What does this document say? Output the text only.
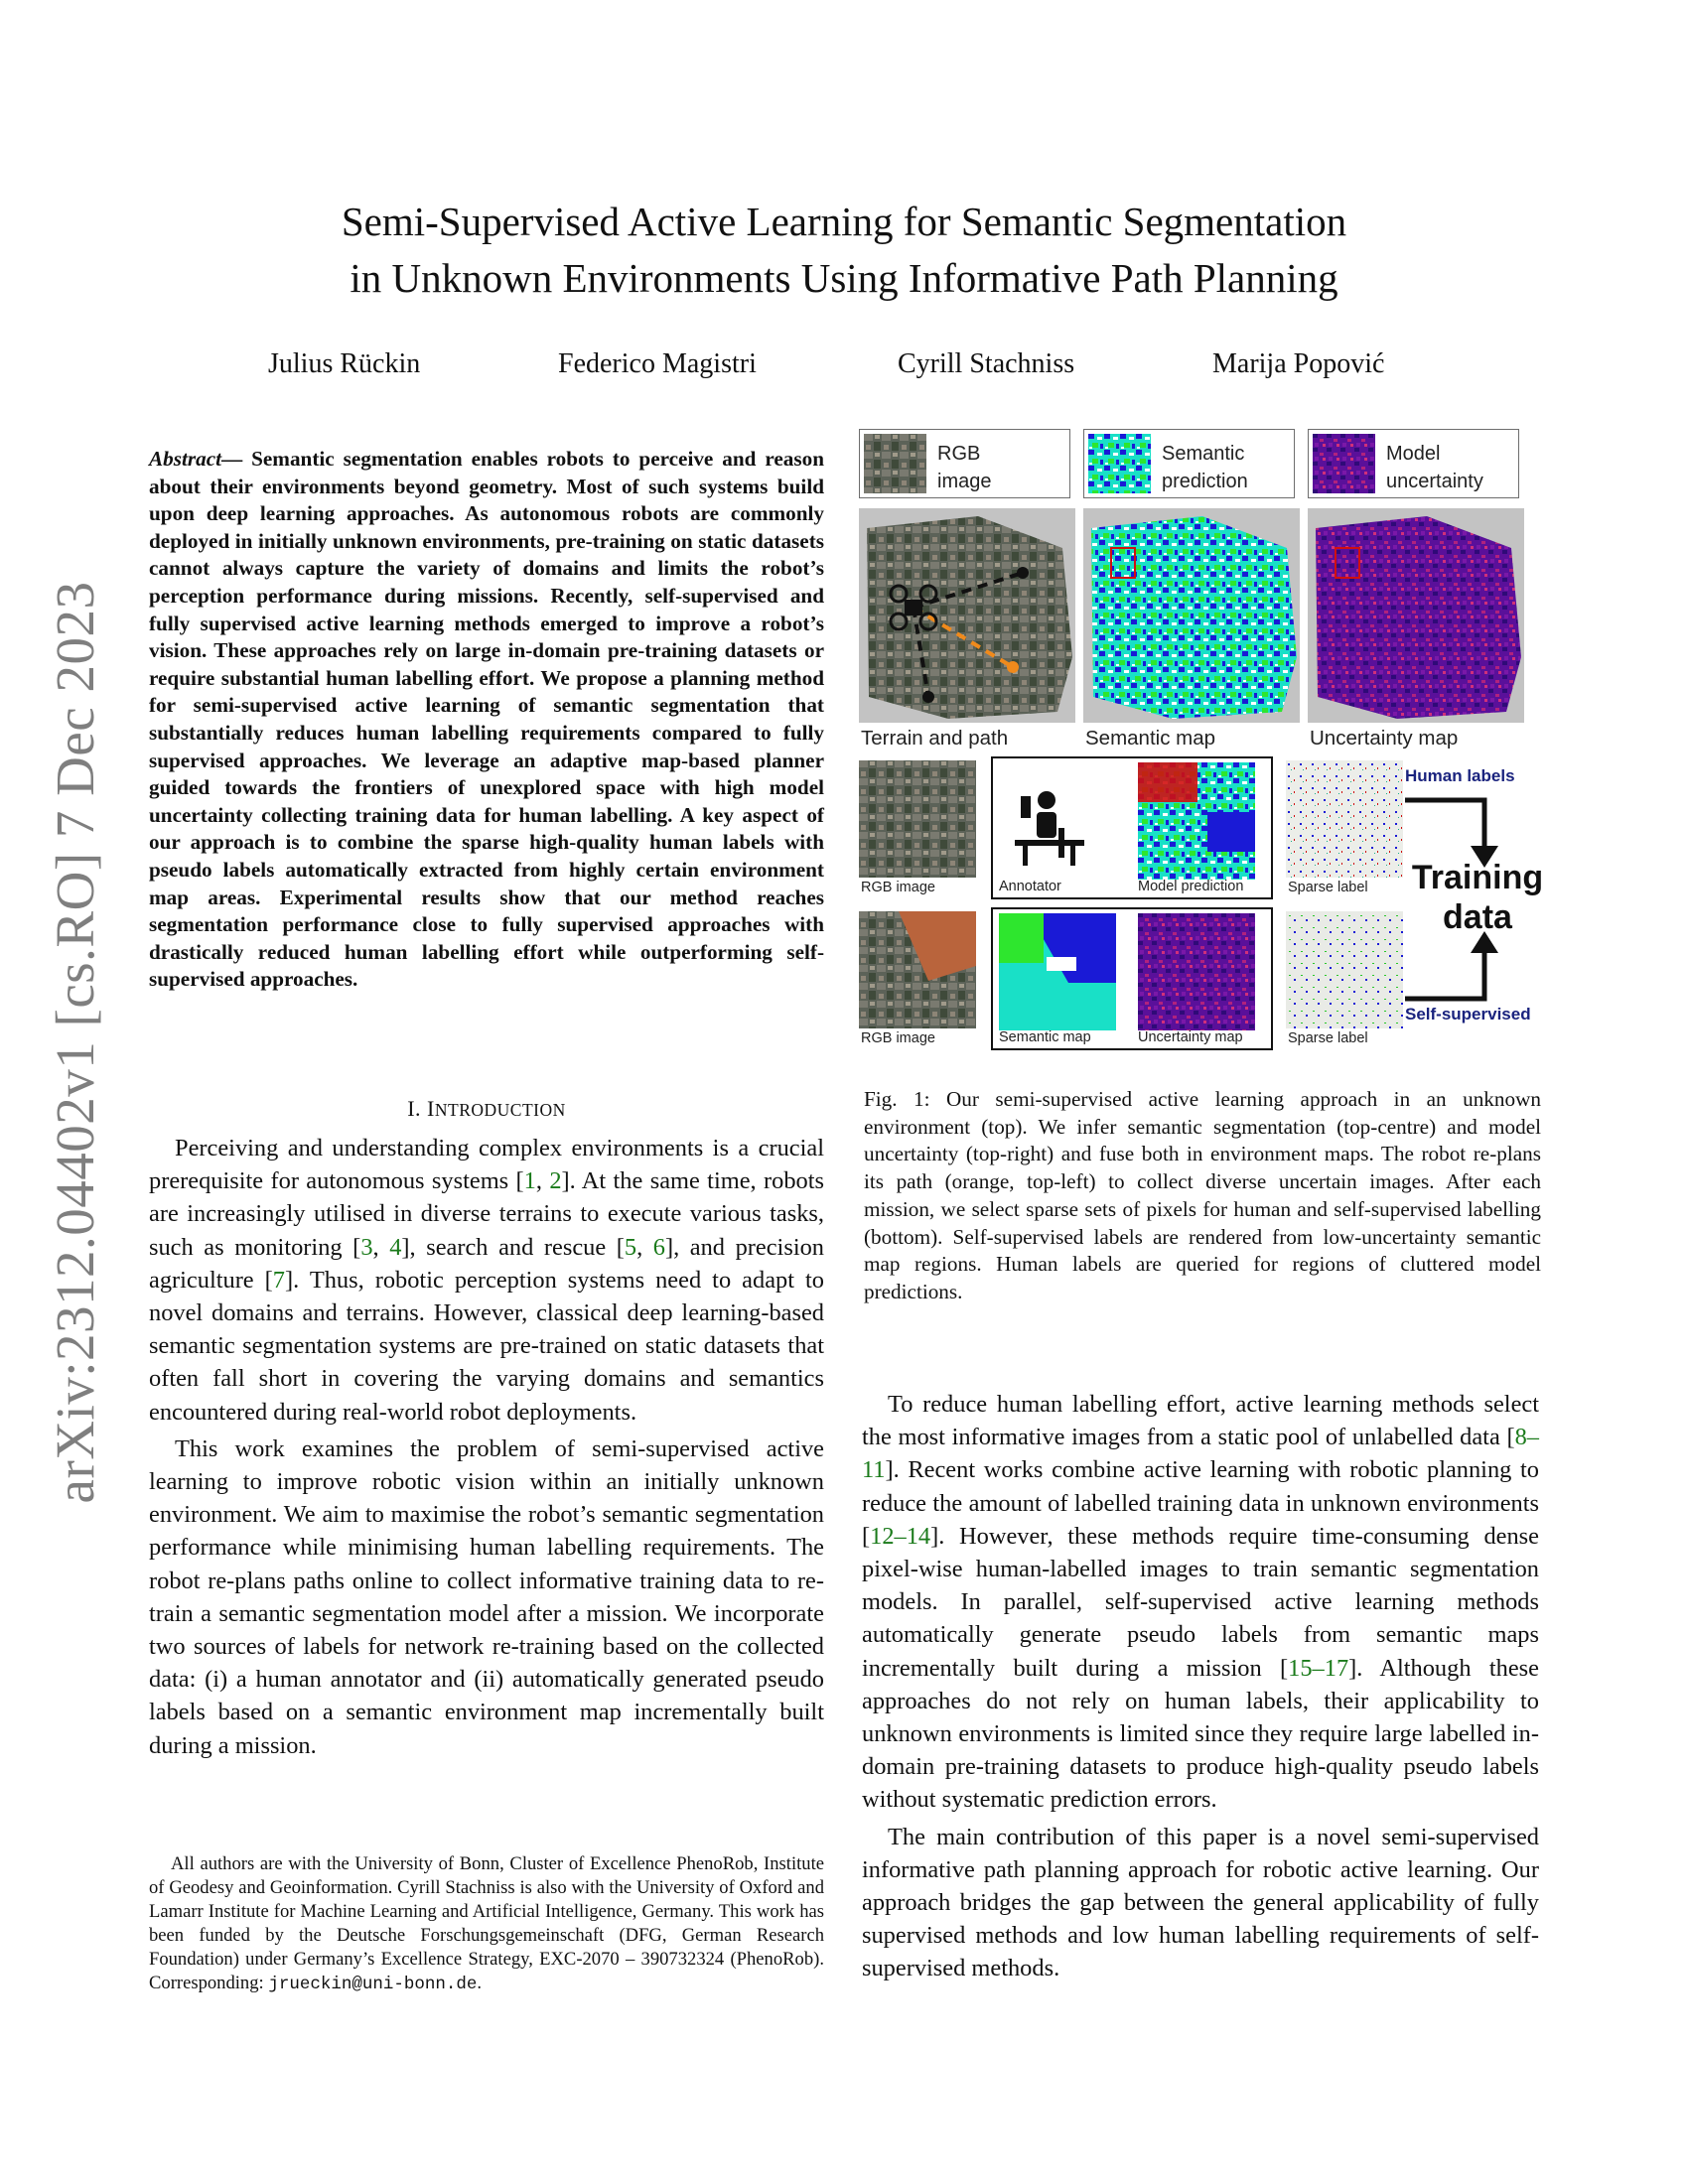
arXiv:2312.04402v1 [cs.RO] 7 Dec 2023
Semi-Supervised Active Learning for Semantic Segmentation
in Unknown Environments Using Informative Path Planning
Julius Rückin	Federico Magistri	Cyrill Stachniss	Marija Popović
Abstract— Semantic segmentation enables robots to perceive and reason about their environments beyond geometry. Most of such systems build upon deep learning approaches. As autonomous robots are commonly deployed in initially unknown environments, pre-training on static datasets cannot always capture the variety of domains and limits the robot’s perception performance during missions. Recently, self-supervised and fully supervised active learning methods emerged to improve a robot’s vision. These approaches rely on large in-domain pre-training datasets or require substantial human labelling effort. We propose a planning method for semi-supervised active learning of semantic segmentation that substantially reduces human labelling requirements compared to fully supervised approaches. We leverage an adaptive map-based planner guided towards the frontiers of unexplored space with high model uncertainty collecting training data for human labelling. A key aspect of our approach is to combine the sparse high-quality human labels with pseudo labels automatically extracted from highly certain environment map areas. Experimental results show that our method reaches segmentation performance close to fully supervised approaches with drastically reduced human labelling effort while outperforming self-supervised approaches.
I. INTRODUCTION

Perceiving and understanding complex environments is a crucial prerequisite for autonomous systems [1, 2]. At the same time, robots are increasingly utilised in diverse terrains to execute various tasks, such as monitoring [3, 4], search and rescue [5, 6], and precision agriculture [7]. Thus, robotic perception systems need to adapt to novel domains and terrains. However, classical deep learning-based semantic segmentation systems are pre-trained on static datasets that often fall short in covering the varying domains and semantics encountered during real-world robot deployments.

This work examines the problem of semi-supervised active learning to improve robotic vision within an initially unknown environment. We aim to maximise the robot’s semantic segmentation performance while minimising human labelling requirements. The robot re-plans paths online to collect informative training data to re-train a semantic segmentation model after a mission. We incorporate two sources of labels for network re-training based on the collected data: (i) a human annotator and (ii) automatically generated pseudo labels based on a semantic environment map incrementally built during a mission.

All authors are with the University of Bonn, Cluster of Excellence PhenoRob, Institute of Geodesy and Geoinformation. Cyrill Stachniss is also with the University of Oxford and Lamarr Institute for Machine Learning and Artificial Intelligence, Germany. This work has been funded by the Deutsche Forschungsgemeinschaft (DFG, German Research Foundation) under Germany’s Excellence Strategy, EXC-2070 – 390732324 (PhenoRob). Corresponding: jrueckin@uni-bonn.de.

RGB
image
Semantic
prediction
Model
uncertainty
Terrain and path	Semantic map	Uncertainty map
RGB image	Annotator	Model prediction	Sparse label
RGB image	Semantic map	Uncertainty map	Sparse label
Human labels
Self-supervised
Training
data
Fig. 1: Our semi-supervised active learning approach in an unknown environment (top). We infer semantic segmentation (top-centre) and model uncertainty (top-right) and fuse both in environment maps. The robot re-plans its path (orange, top-left) to collect diverse uncertain images. After each mission, we select sparse sets of pixels for human and self-supervised labelling (bottom). Self-supervised labels are rendered from low-uncertainty semantic map regions. Human labels are queried for regions of cluttered model predictions.

To reduce human labelling effort, active learning methods select the most informative images from a static pool of unlabelled data [8–11]. Recent works combine active learning with robotic planning to reduce the amount of labelled training data in unknown environments [12–14]. However, these methods require time-consuming dense pixel-wise human-labelled images to train semantic segmentation models. In parallel, self-supervised active learning methods automatically generate pseudo labels from semantic maps incrementally built during a mission [15–17]. Although these approaches do not rely on human labels, their applicability to unknown environments is limited since they require large labelled in-domain pre-training datasets to produce high-quality pseudo labels without systematic prediction errors.

The main contribution of this paper is a novel semi-supervised informative path planning approach for robotic active learning. Our approach bridges the gap between the general applicability of fully supervised methods and low human labelling requirements of self-supervised methods.
